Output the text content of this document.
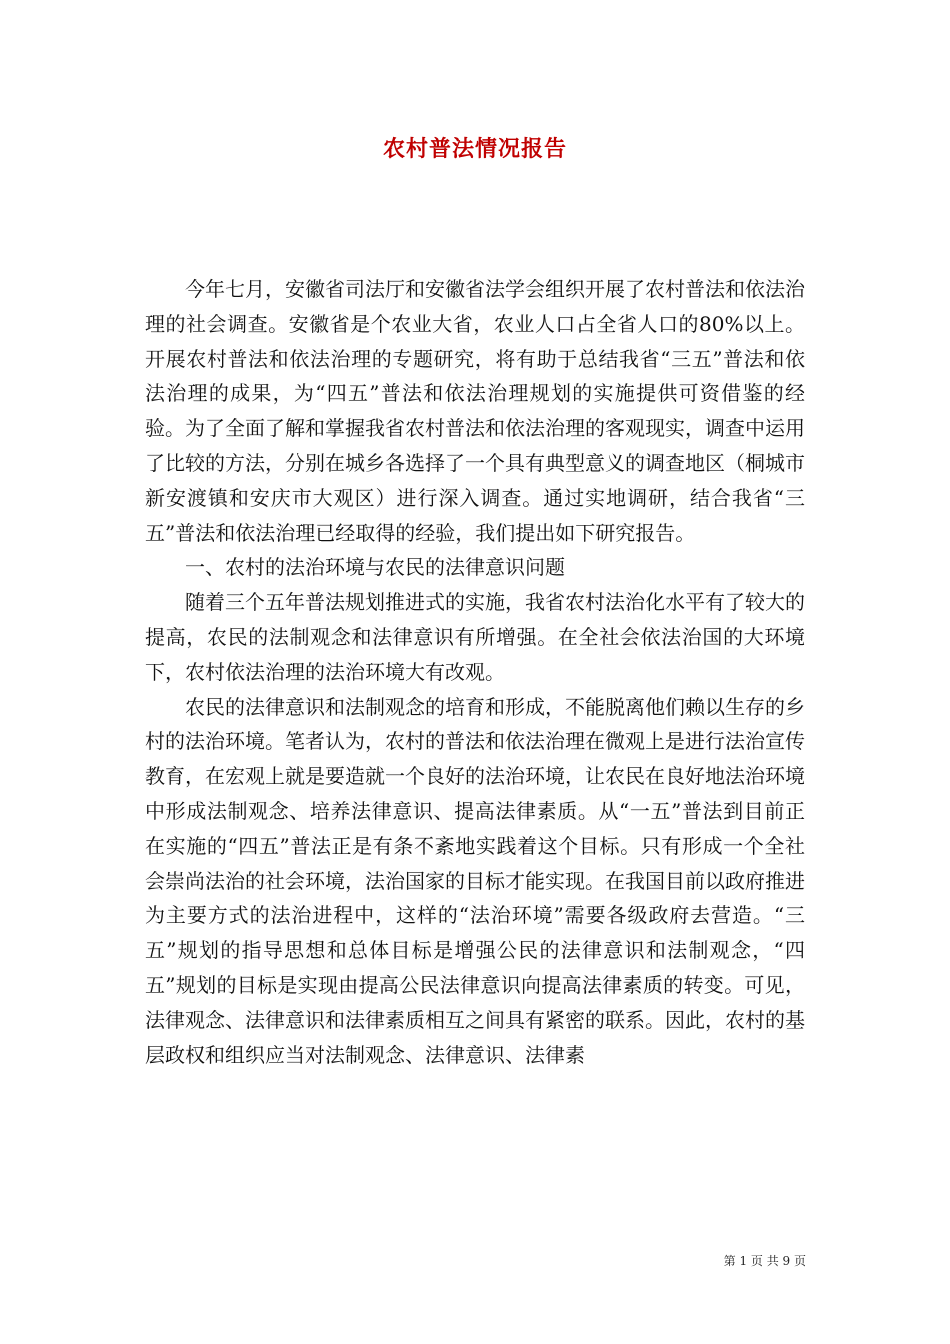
农村普法情况报告

今年七月，安徽省司法厅和安徽省法学会组织开展了农村普法和依法治理的社会调查。安徽省是个农业大省，农业人口占全省人口的80%以上。开展农村普法和依法治理的专题研究，将有助于总结我省“三五”普法和依法治理的成果，为“四五”普法和依法治理规划的实施提供可资借鉴的经验。为了全面了解和掌握我省农村普法和依法治理的客观现实，调查中运用了比较的方法，分别在城乡各选择了一个具有典型意义的调查地区（桐城市新安渡镇和安庆市大观区）进行深入调查。通过实地调研，结合我省“三五”普法和依法治理已经取得的经验，我们提出如下研究报告。

一、农村的法治环境与农民的法律意识问题

随着三个五年普法规划推进式的实施，我省农村法治化水平有了较大的提高，农民的法制观念和法律意识有所增强。在全社会依法治国的大环境下，农村依法治理的法治环境大有改观。

农民的法律意识和法制观念的培育和形成，不能脱离他们赖以生存的乡村的法治环境。笔者认为，农村的普法和依法治理在微观上是进行法治宣传教育，在宏观上就是要造就一个良好的法治环境，让农民在良好地法治环境中形成法制观念、培养法律意识、提高法律素质。从“一五”普法到目前正在实施的“四五”普法正是有条不紊地实践着这个目标。只有形成一个全社会崇尚法治的社会环境，法治国家的目标才能实现。在我国目前以政府推进为主要方式的法治进程中，这样的“法治环境”需要各级政府去营造。“三五”规划的指导思想和总体目标是增强公民的法律意识和法制观念，“四五”规划的目标是实现由提高公民法律意识向提高法律素质的转变。可见，法律观念、法律意识和法律素质相互之间具有紧密的联系。因此，农村的基层政权和组织应当对法制观念、法律意识、法律素

第 1 页 共 9 页
